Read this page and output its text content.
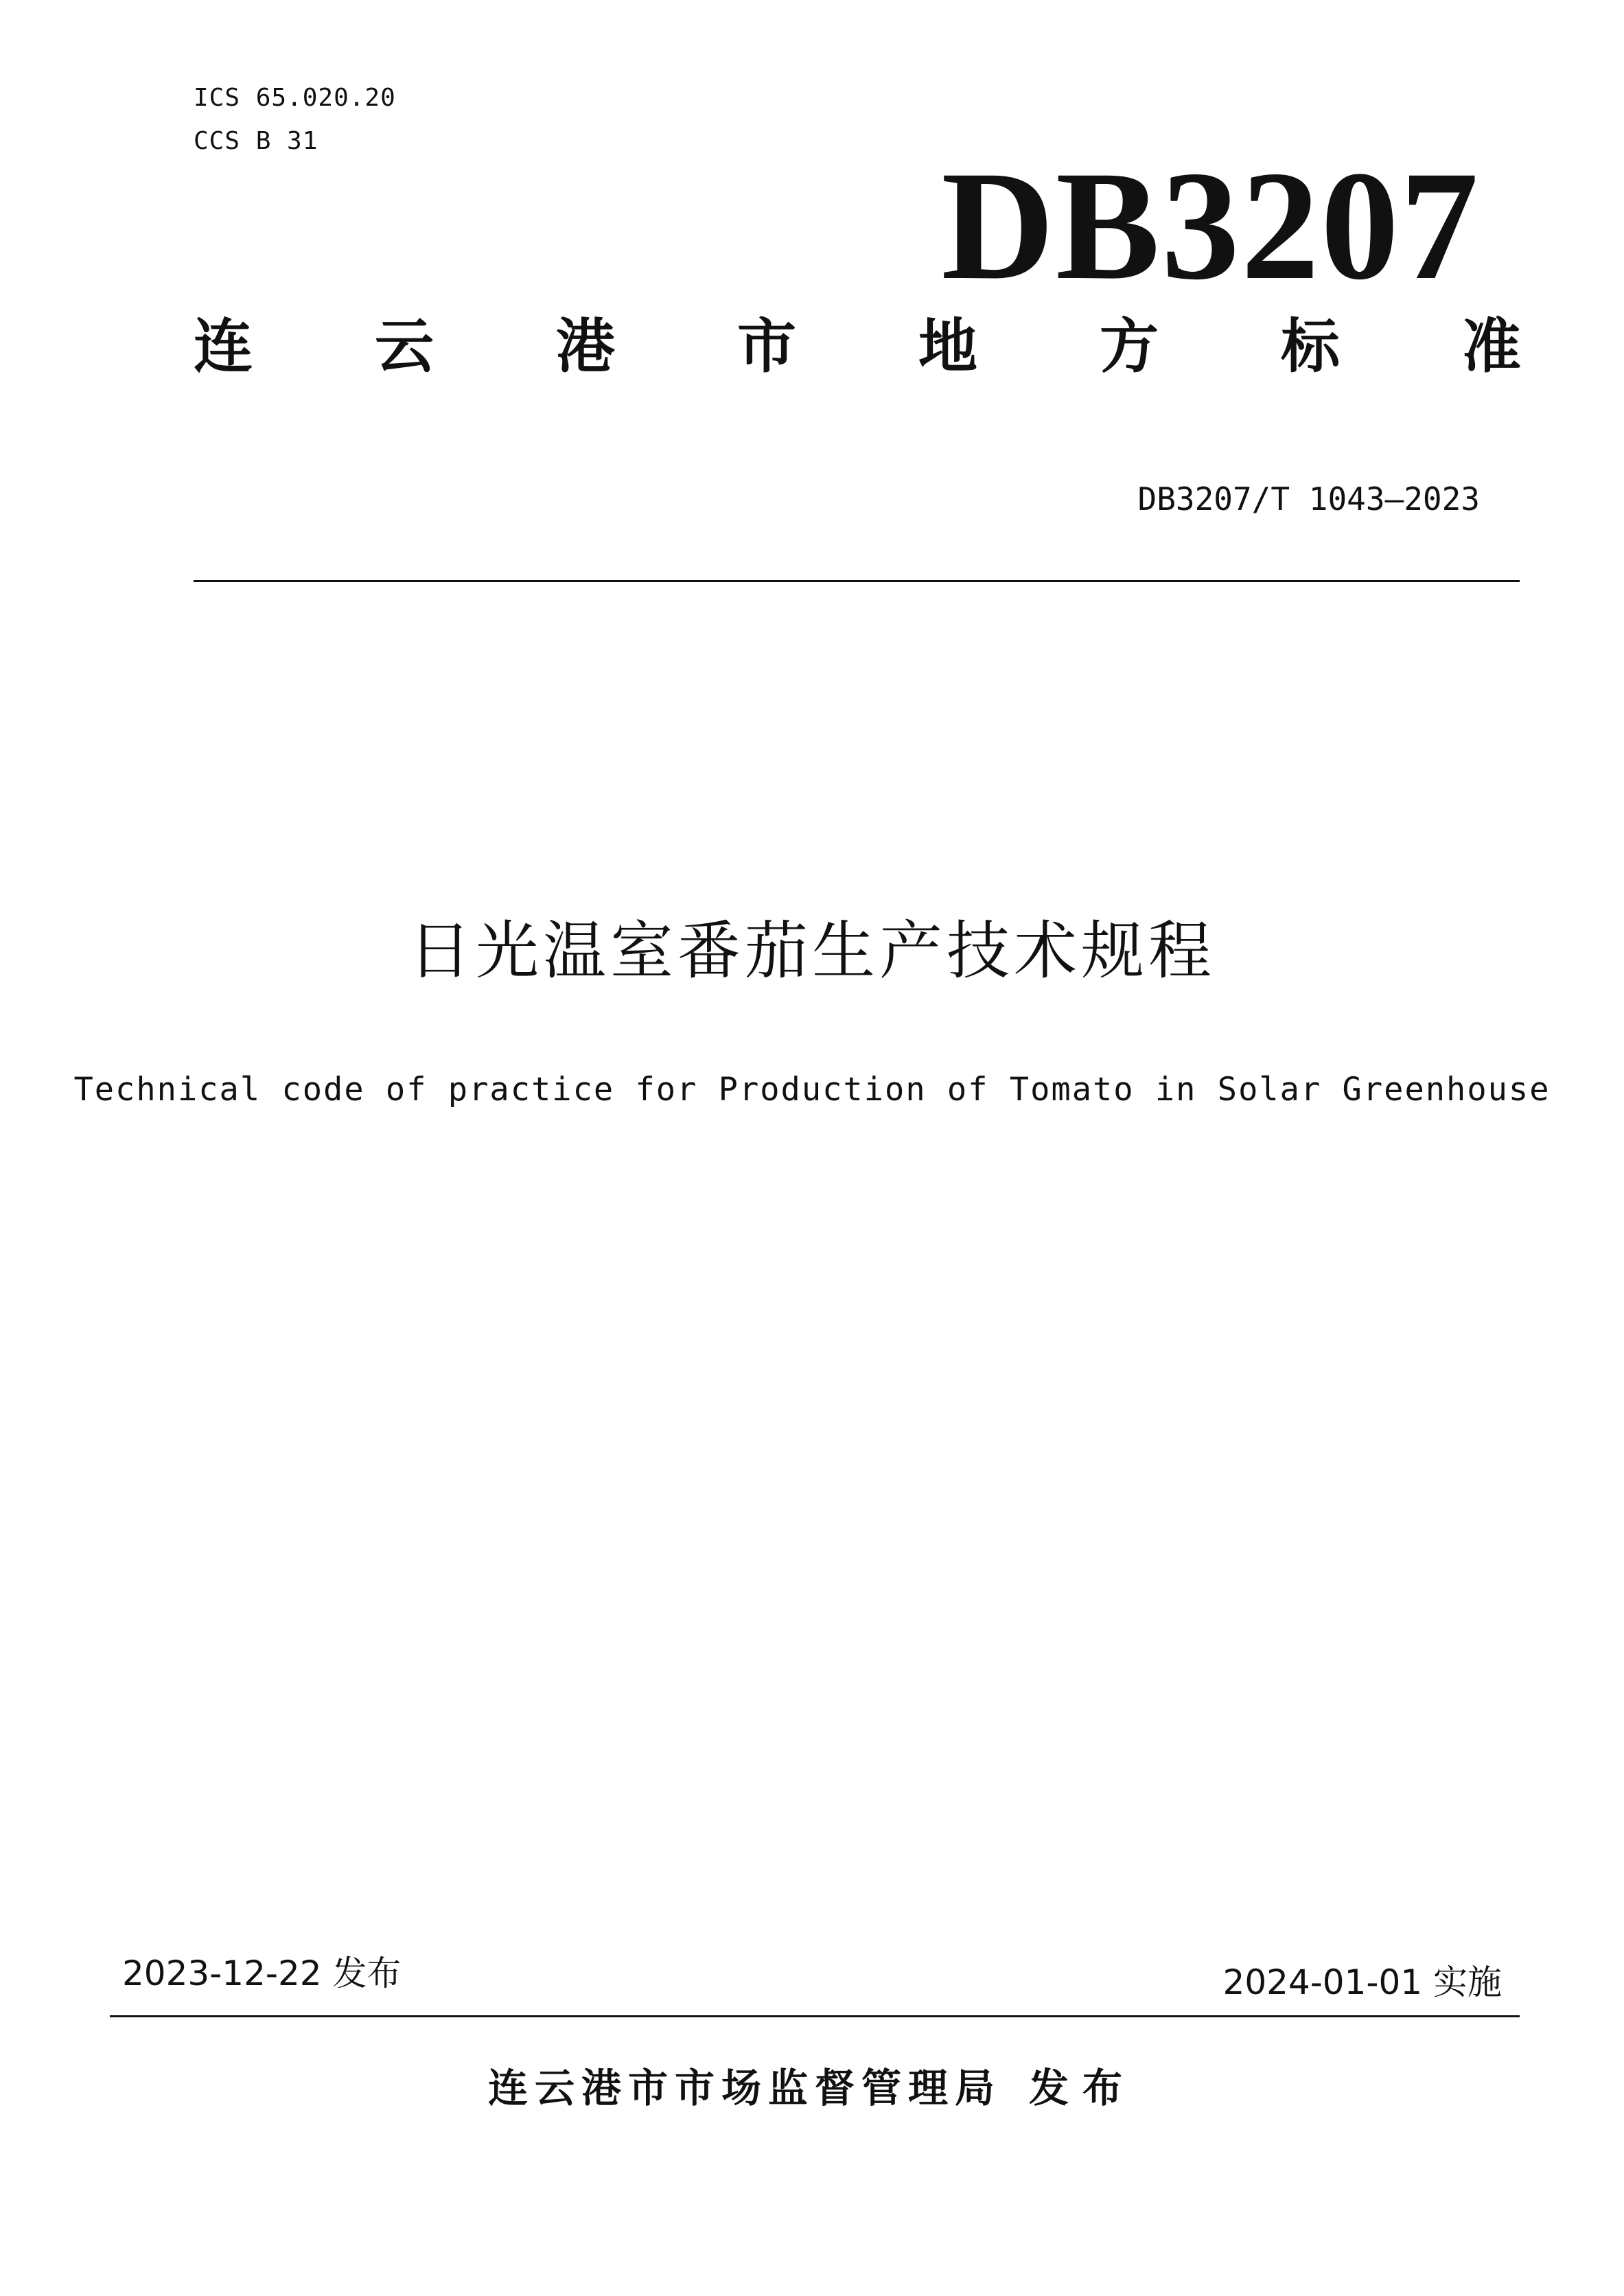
ICS 65.020.20
CCS B 31	DB3207
连 云 港 市 地 方 标 准
DB3207/T 1043—2023
日光温室番茄生产技术规程
Technical code of practice for Production of Tomato in Solar Greenhouse
2023-12-22 发布	2024-01-01 实施
连云港市市场监督管理局 发布
